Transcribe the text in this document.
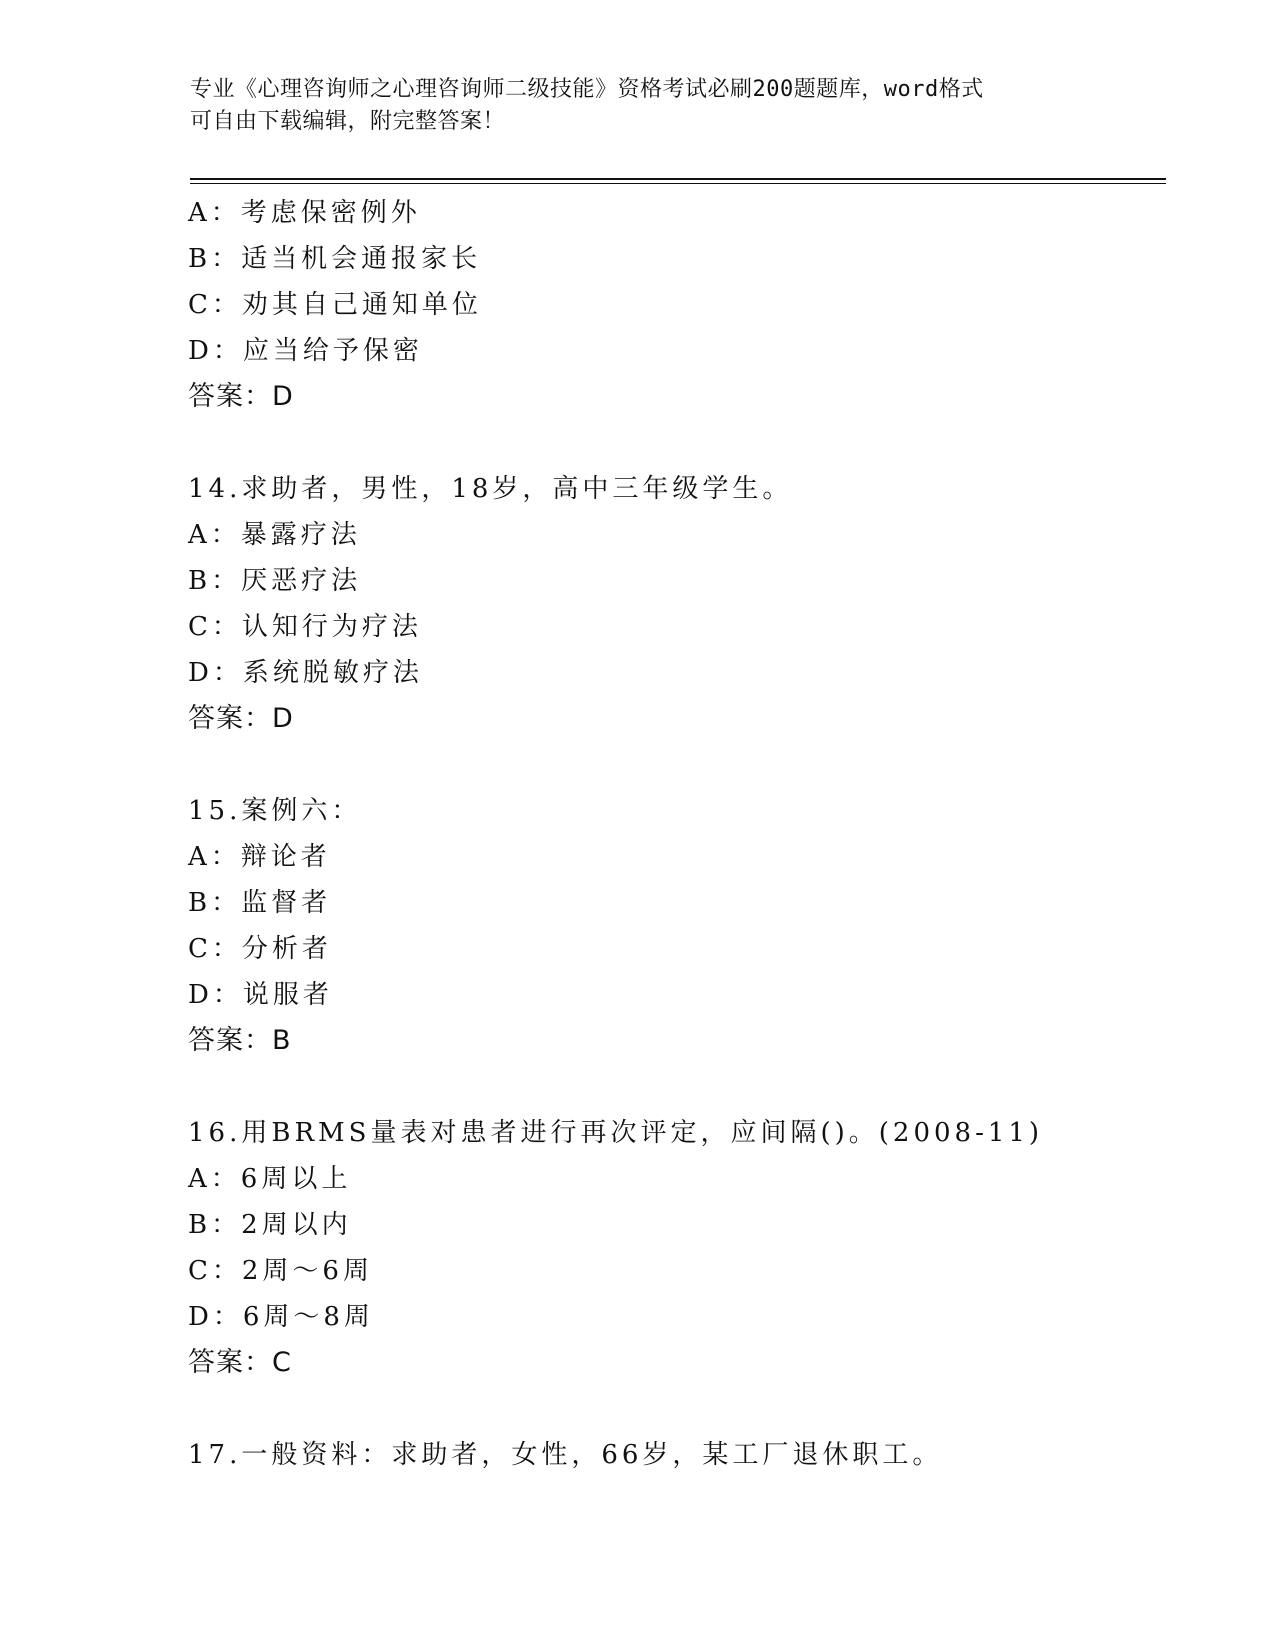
专业《心理咨询师之心理咨询师二级技能》资格考试必刷200题题库，word格式
可自由下载编辑，附完整答案！
A：考虑保密例外
B：适当机会通报家长
C：劝其自己通知单位
D：应当给予保密
答案：D
14.求助者，男性，18岁，高中三年级学生。
A：暴露疗法
B：厌恶疗法
C：认知行为疗法
D：系统脱敏疗法
答案：D
15.案例六：
A：辩论者
B：监督者
C：分析者
D：说服者
答案：B
16.用BRMS量表对患者进行再次评定，应间隔()。(2008-11)
A：6周以上
B：2周以内
C：2周～6周
D：6周～8周
答案：C
17.一般资料：求助者，女性，66岁，某工厂退休职工。
